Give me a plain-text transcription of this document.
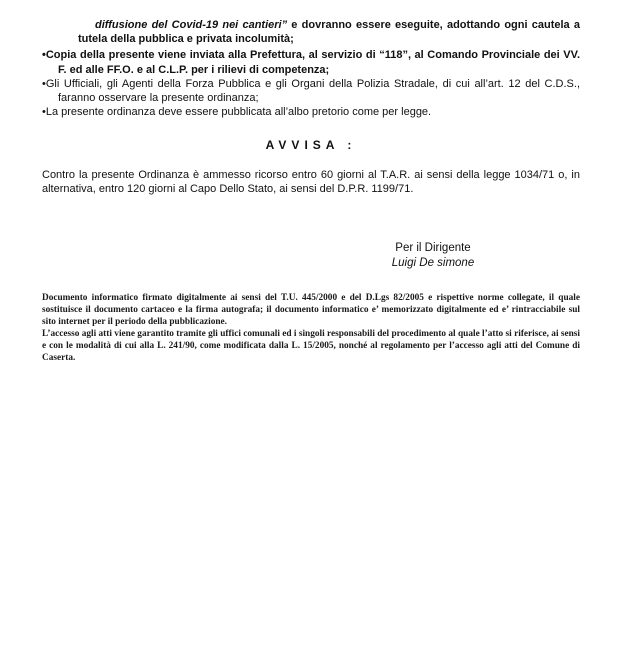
diffusione del Covid-19 nei cantieri” e dovranno essere eseguite, adottando ogni cautela a tutela della pubblica e privata incolumità;
•Copia della presente viene inviata alla Prefettura, al servizio di “118”, al Comando Provinciale dei VV. F. ed alle FF.O. e al C.L.P. per i rilievi di competenza;
•Gli Ufficiali, gli Agenti della Forza Pubblica e gli Organi della Polizia Stradale, di cui all’art. 12 del C.D.S., faranno osservare la presente ordinanza;
•La presente ordinanza deve essere pubblicata all’albo pretorio come per legge.
AVVISA :

Contro la presente Ordinanza è ammesso ricorso entro 60 giorni al T.A.R. ai sensi della legge 1034/71 o, in alternativa, entro 120 giorni al Capo Dello Stato, ai sensi del D.P.R. 1199/71.

Per il Dirigente
Luigi De simone

Documento informatico firmato digitalmente ai sensi del T.U. 445/2000 e del D.Lgs 82/2005 e rispettive norme collegate, il quale sostituisce il documento cartaceo e la firma autografa; il documento informatico e’ memorizzato digitalmente ed e’ rintracciabile sul sito internet per il periodo della pubblicazione.

L’accesso agli atti viene garantito tramite gli uffici comunali ed i singoli responsabili del procedimento al quale l’atto si riferisce, ai sensi e con le modalità di cui alla L. 241/90, come modificata dalla L. 15/2005, nonché al regolamento per l’accesso agli atti del Comune di Caserta.
